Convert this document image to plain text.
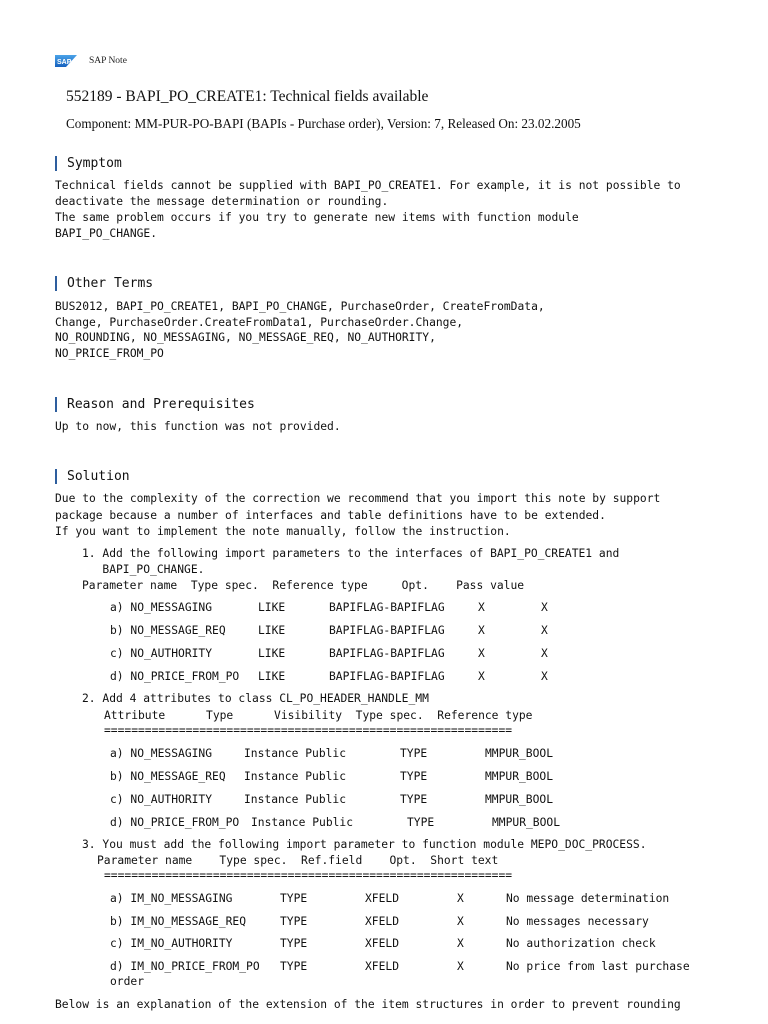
SAP SAP Note
552189 - BAPI_PO_CREATE1: Technical fields available
Component: MM-PUR-PO-BAPI (BAPIs - Purchase order), Version: 7, Released On: 23.02.2005
Symptom
Technical fields cannot be supplied with BAPI_PO_CREATE1. For example, it is not possible to
deactivate the message determination or rounding.
The same problem occurs if you try to generate new items with function module
BAPI_PO_CHANGE.
Other Terms
BUS2012, BAPI_PO_CREATE1, BAPI_PO_CHANGE, PurchaseOrder, CreateFromData,
Change, PurchaseOrder.CreateFromData1, PurchaseOrder.Change,
NO_ROUNDING, NO_MESSAGING, NO_MESSAGE_REQ, NO_AUTHORITY,
NO_PRICE_FROM_PO
Reason and Prerequisites
Up to now, this function was not provided.
Solution
Due to the complexity of the correction we recommend that you import this note by support
package because a number of interfaces and table definitions have to be extended.
If you want to implement the note manually, follow the instruction.
1. Add the following import parameters to the interfaces of BAPI_PO_CREATE1 and
BAPI_PO_CHANGE.
Parameter name  Type spec.  Reference type     Opt.    Pass value
a) NO_MESSAGING	LIKE	BAPIFLAG-BAPIFLAG	X	X
b) NO_MESSAGE_REQ	LIKE	BAPIFLAG-BAPIFLAG	X	X
c) NO_AUTHORITY	LIKE	BAPIFLAG-BAPIFLAG	X	X
d) NO_PRICE_FROM_PO LIKE	BAPIFLAG-BAPIFLAG	X	X
2. Add 4 attributes to class CL_PO_HEADER_HANDLE_MM
Attribute      Type      Visibility  Type spec.  Reference type
============================================================
a) NO_MESSAGING	Instance Public	TYPE	MMPUR_BOOL
b) NO_MESSAGE_REQ Instance Public	TYPE	MMPUR_BOOL
c) NO_AUTHORITY	Instance Public	TYPE	MMPUR_BOOL
d) NO_PRICE_FROM_PO Instance Public	TYPE	MMPUR_BOOL
3. You must add the following import parameter to function module MEPO_DOC_PROCESS.
Parameter name    Type spec.  Ref.field    Opt.  Short text
============================================================
a) IM_NO_MESSAGING	TYPE	XFELD	X	No message determination
b) IM_NO_MESSAGE_REQ	TYPE	XFELD	X	No messages necessary
c) IM_NO_AUTHORITY	TYPE	XFELD	X	No authorization check
d) IM_NO_PRICE_FROM_PO TYPE	XFELD	X	No price from last purchase
order
Below is an explanation of the extension of the item structures in order to prevent rounding
